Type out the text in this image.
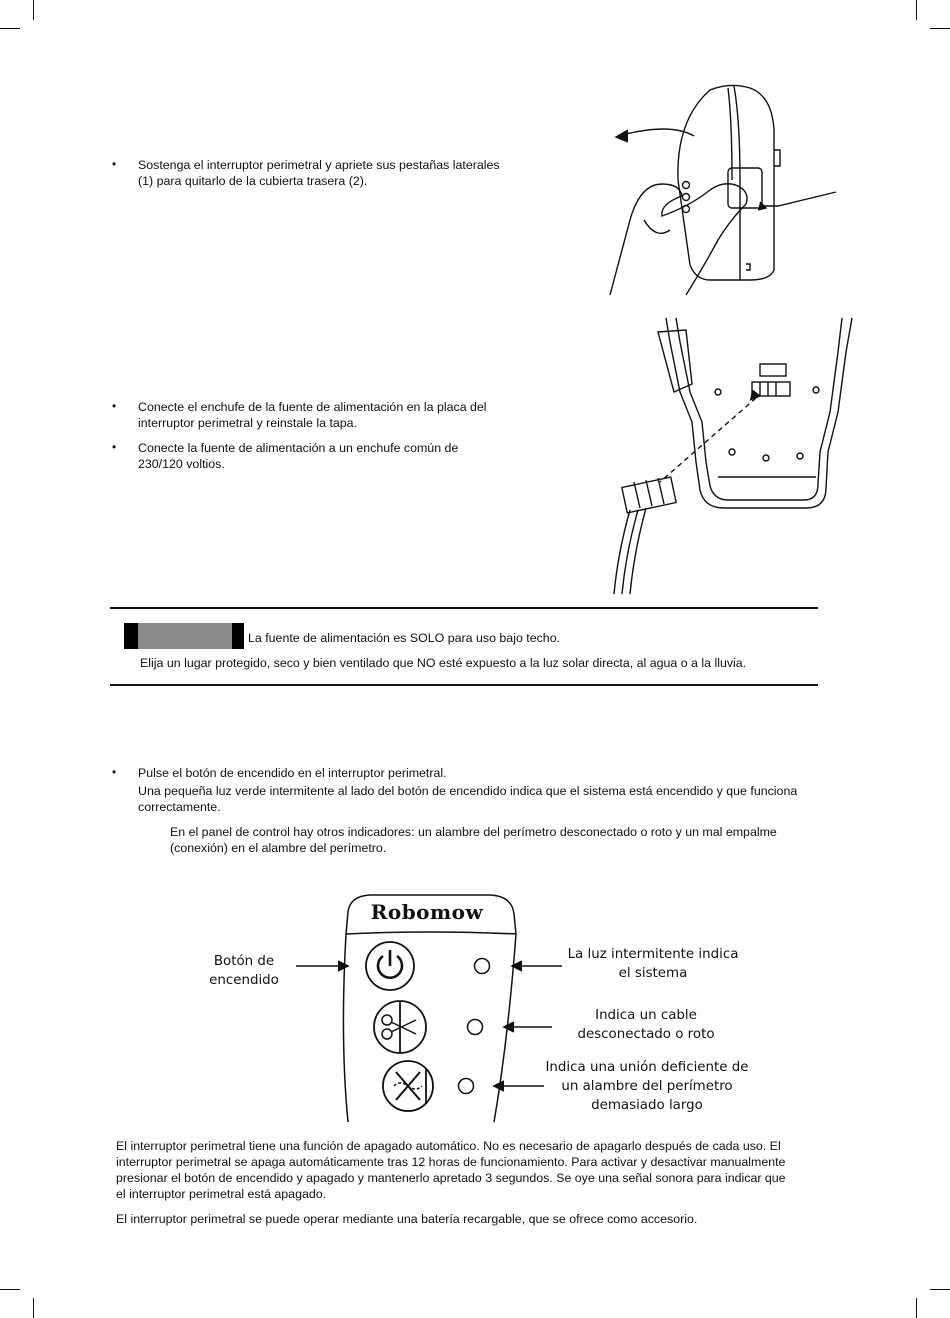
• Sostenga el interruptor perimetral y apriete sus pestañas laterales
(1) para quitarlo de la cubierta trasera (2).
• Conecte el enchufe de la fuente de alimentación en la placa del
interruptor perimetral y reinstale la tapa.
• Conecte la fuente de alimentación a un enchufe común de
230/120 voltios.
La fuente de alimentación es SOLO para uso bajo techo.
Elija un lugar protegido, seco y bien ventilado que NO esté expuesto a la luz solar directa, al agua o a la lluvia.
• Pulse el botón de encendido en el interruptor perimetral.
Una pequeña luz verde intermitente al lado del botón de encendido indica que el sistema está encendido y que funciona
correctamente.
En el panel de control hay otros indicadores: un alambre del perímetro desconectado o roto y un mal empalme
(conexión) en el alambre del perímetro.
Robomow
Botón de
encendido
La luz intermitente indica
el sistema
Indica un cable
desconectado o roto
Indica una unión deficiente de
un alambre del perímetro
demasiado largo
El interruptor perimetral tiene una función de apagado automático. No es necesario de apagarlo después de cada uso. El
interruptor perimetral se apaga automáticamente tras 12 horas de funcionamiento. Para activar y desactivar manualmente
presionar el botón de encendido y apagado y mantenerlo apretado 3 segundos. Se oye una señal sonora para indicar que
el interruptor perimetral está apagado.
El interruptor perimetral se puede operar mediante una batería recargable, que se ofrece como accesorio.
